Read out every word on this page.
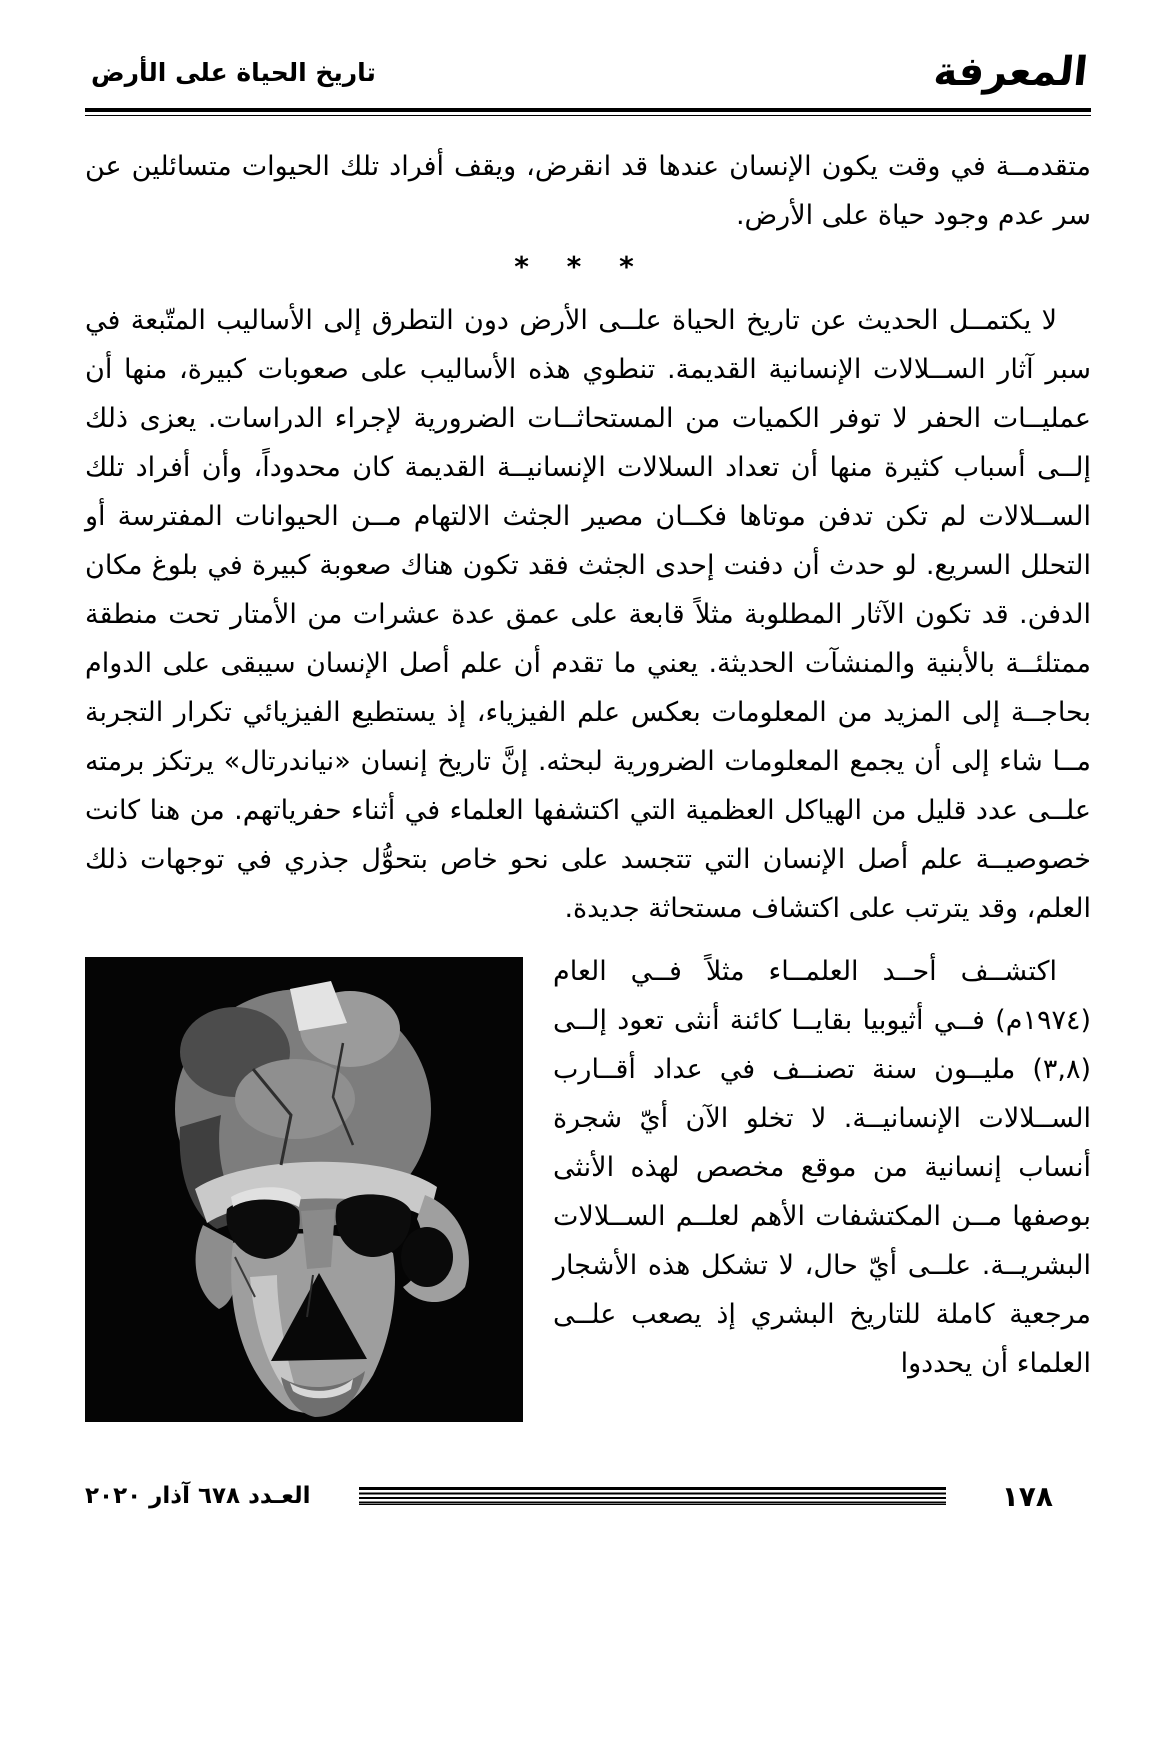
تاريخ الحياة على الأرض	المعرفة

متقدمــة في وقت يكون الإنسان عندها قد انقرض، ويقف أفراد تلك الحيوات متسائلين عن سر عدم وجود حياة على الأرض.

* * *

لا يكتمــل الحديث عن تاريخ الحياة علــى الأرض دون التطرق إلى الأساليب المتّبعة في سبر آثار الســلالات الإنسانية القديمة. تنطوي هذه الأساليب على صعوبات كبيرة، منها أن عمليــات الحفر لا توفر الكميات من المستحاثــات الضرورية لإجراء الدراسات. يعزى ذلك إلــى أسباب كثيرة منها أن تعداد السلالات الإنسانيــة القديمة كان محدوداً، وأن أفراد تلك الســلالات لم تكن تدفن موتاها فكــان مصير الجثث الالتهام مــن الحيوانات المفترسة أو التحلل السريع. لو حدث أن دفنت إحدى الجثث فقد تكون هناك صعوبة كبيرة في بلوغ مكان الدفن. قد تكون الآثار المطلوبة مثلاً قابعة على عمق عدة عشرات من الأمتار تحت منطقة ممتلئــة بالأبنية والمنشآت الحديثة. يعني ما تقدم أن علم أصل الإنسان سيبقى على الدوام بحاجــة إلى المزيد من المعلومات بعكس علم الفيزياء، إذ يستطيع الفيزيائي تكرار التجربة مــا شاء إلى أن يجمع المعلومات الضرورية لبحثه. إنَّ تاريخ إنسان «نياندرتال» يرتكز برمته علــى عدد قليل من الهياكل العظمية التي اكتشفها العلماء في أثناء حفرياتهم. من هنا كانت خصوصيــة علم أصل الإنسان التي تتجسد على نحو خاص بتحوُّل جذري في توجهات ذلك العلم، وقد يترتب على اكتشاف مستحاثة جديدة.

اكتشــف أحــد العلمــاء مثلاً فــي العام (١٩٧٤م) فــي أثيوبيا بقايــا كائنة أنثى تعود إلــى (٣,٨) مليــون سنة تصنــف في عداد أقــارب الســلالات الإنسانيــة. لا تخلو الآن أيّ شجرة أنساب إنسانية من موقع مخصص لهذه الأنثى بوصفها مــن المكتشفات الأهم لعلــم الســلالات البشريــة. علــى أيّ حال، لا تشكل هذه الأشجار مرجعية كاملة للتاريخ البشري إذ يصعب علــى العلماء أن يحددوا

العـدد ٦٧٨ آذار ٢٠٢٠	١٧٨
